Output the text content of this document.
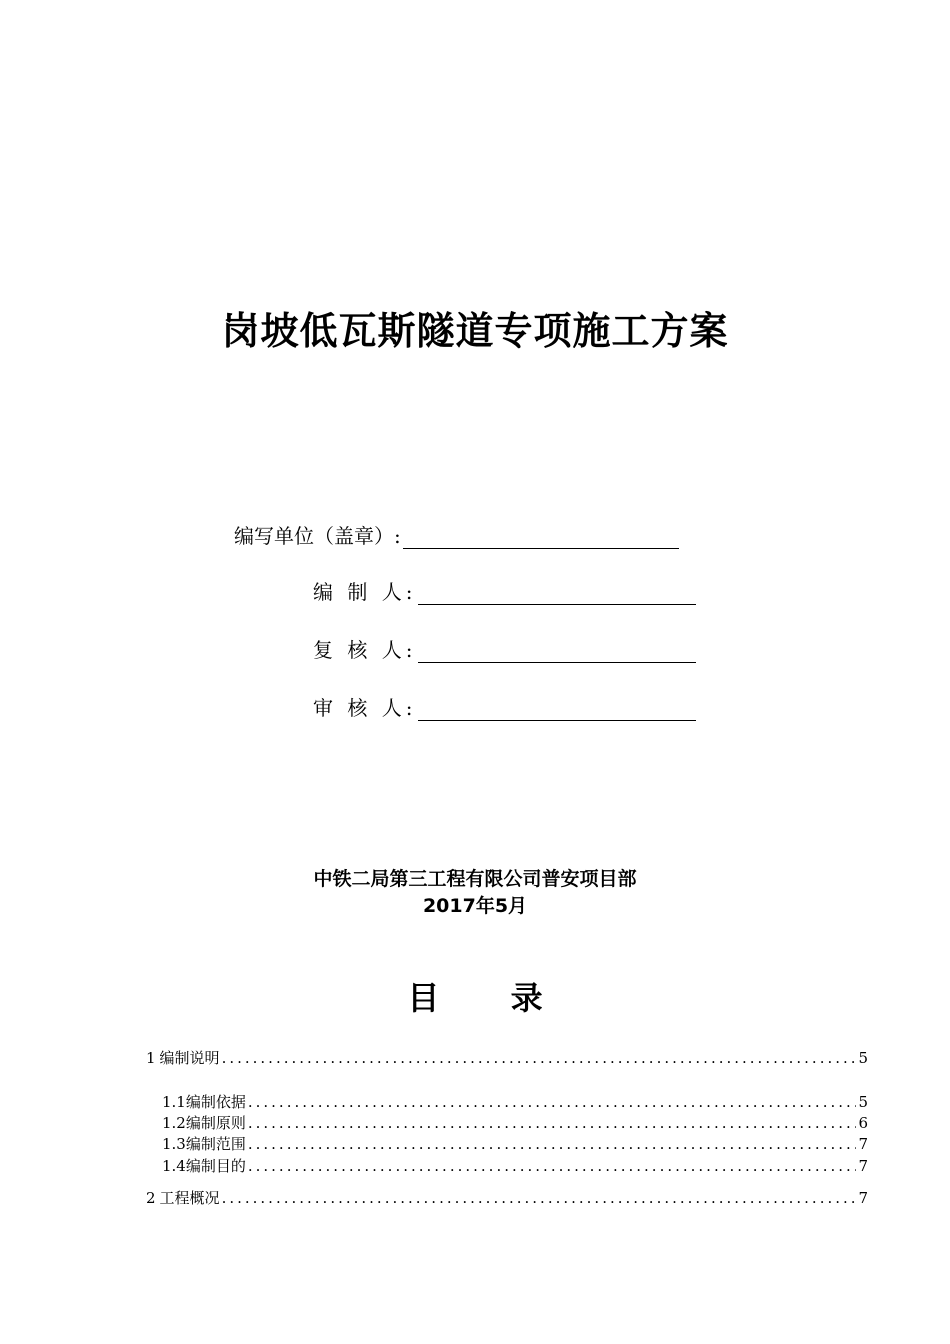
岗坡低瓦斯隧道专项施工方案
编写单位（盖章）:
编 制 人:
复 核 人:
审 核 人:
中铁二局第三工程有限公司普安项目部
2017年5月
目 录
1 编制说明 .....	5
1.1编制依据 .....	5
1.2编制原则 .....	6
1.3编制范围 .....	7
1.4编制目的 .....	7
2 工程概况 .....	7
